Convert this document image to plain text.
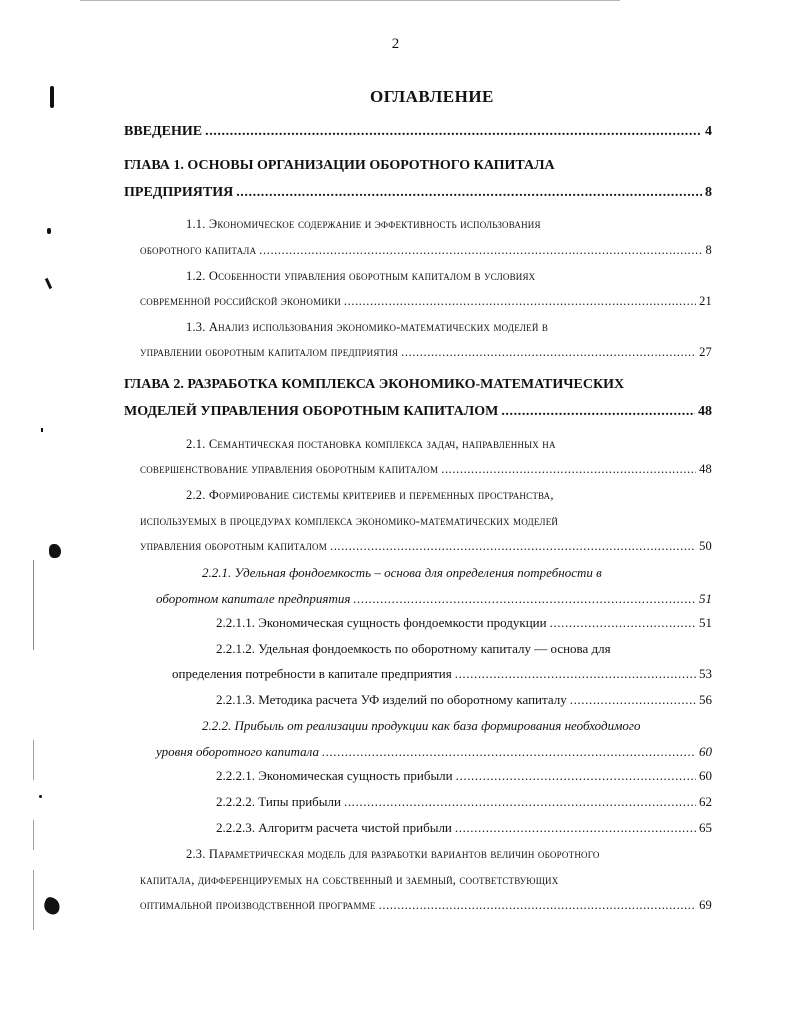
2
ОГЛАВЛЕНИЕ
ВВЕДЕНИЕ .....	4
ГЛАВА 1. ОСНОВЫ ОРГАНИЗАЦИИ ОБОРОТНОГО КАПИТАЛА
ПРЕДПРИЯТИЯ .....	8
1.1. Экономическое содержание и эффективность использования
оборотного капитала .....	8
1.2. Особенности управления оборотным капиталом в условиях
современной российской экономики .....	21
1.3. Анализ использования экономико-математических моделей в
управлении оборотным капиталом предприятия .....	27
ГЛАВА 2. РАЗРАБОТКА КОМПЛЕКСА ЭКОНОМИКО-МАТЕМАТИЧЕСКИХ
МОДЕЛЕЙ УПРАВЛЕНИЯ ОБОРОТНЫМ КАПИТАЛОМ .....	48
2.1. Семантическая постановка комплекса задач, направленных на
совершенствование управления оборотным капиталом .....	48
2.2. Формирование системы критериев и переменных пространства,
используемых в процедурах комплекса экономико-математических моделей
управления оборотным капиталом .....	50
2.2.1. Удельная фондоемкость – основа для определения потребности в
оборотном капитале предприятия .....	51
2.2.1.1. Экономическая сущность фондоемкости продукции .....	51
2.2.1.2. Удельная фондоемкость по оборотному капиталу — основа для
определения потребности в капитале предприятия .....	53
2.2.1.3. Методика расчета УФ изделий по оборотному капиталу .....	56
2.2.2. Прибыль от реализации продукции как база формирования необходимого
уровня оборотного капитала .....	60
2.2.2.1. Экономическая сущность прибыли .....	60
2.2.2.2. Типы прибыли .....	62
2.2.2.3. Алгоритм расчета чистой прибыли .....	65
2.3. Параметрическая модель для разработки вариантов величин оборотного
капитала, дифференцируемых на собственный и заемный, соответствующих
оптимальной производственной программе .....	69
